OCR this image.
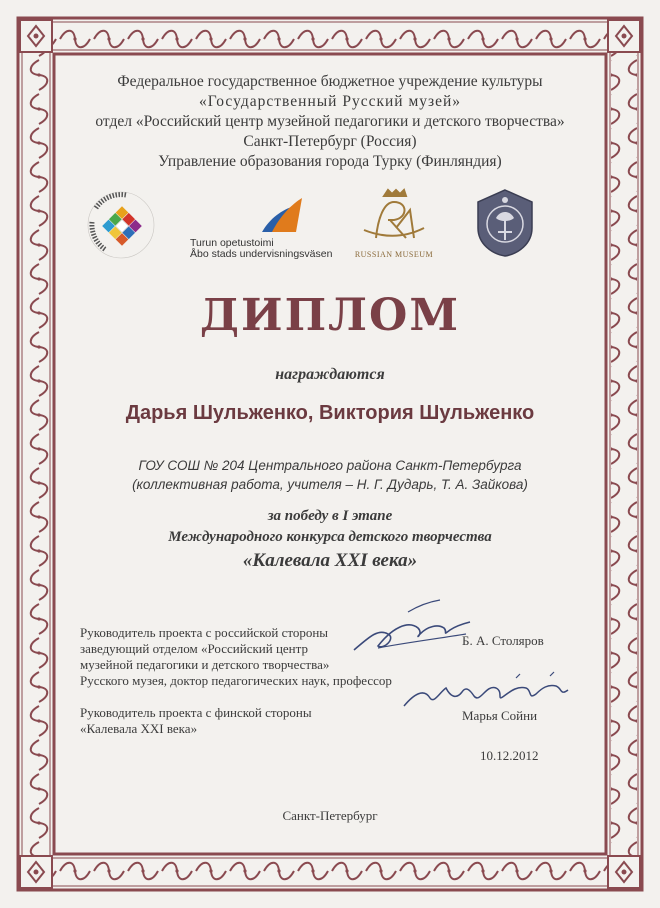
Федеральное государственное бюджетное учреждение культуры
«Государственный Русский музей»
отдел «Российский центр музейной педагогики и детского творчества»
Санкт-Петербург (Россия)
Управление образования города Турку (Финляндия)
Turun opetustoimi
Åbo stads undervisningsväsen	RUSSIAN MUSEUM
ДИПЛОМ
награждаются
Дарья Шульженко, Виктория Шульженко
ГОУ СОШ № 204 Центрального района Санкт-Петербурга
(коллективная работа, учителя – Н. Г. Дударь, Т. А. Зайкова)
за победу в I этапе
Международного конкурса детского творчества
«Калевала XXI века»
Руководитель проекта с российской стороны
заведующий отделом «Российский центр
музейной педагогики и детского творчества»
Русского музея, доктор педагогических наук, профессор
Б. А. Столяров
Руководитель проекта с финской стороны
«Калевала XXI века»
Марья Сойни
10.12.2012
Санкт-Петербург
